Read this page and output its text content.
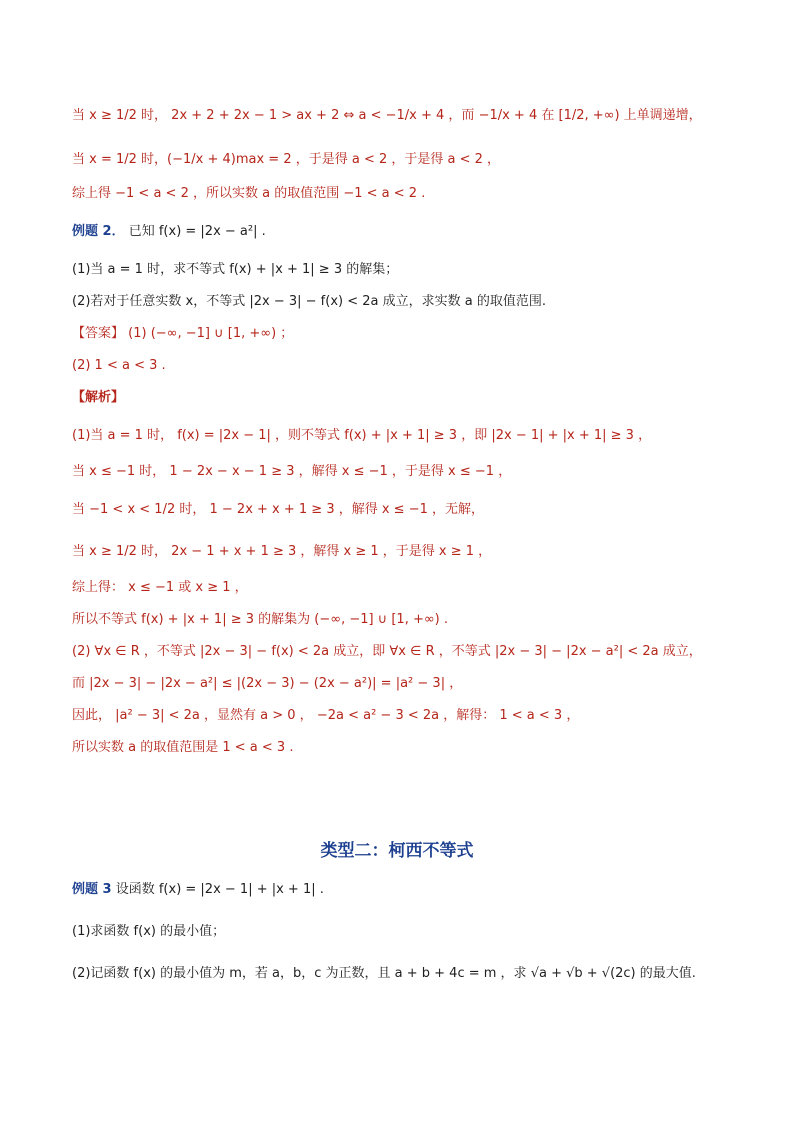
当 x ≥ 1/2 时， 2x + 2 + 2x − 1 > ax + 2 ⇔ a < −1/x + 4 ，而 −1/x + 4 在 [1/2, +∞) 上单调递增，
当 x = 1/2 时，(−1/x + 4)max = 2 ，于是得 a < 2 ，于是得 a < 2 ，
综上得 −1 < a < 2 ，所以实数 a 的取值范围 −1 < a < 2 .
例题 2． 已知 f(x) = |2x − a²| .
(1)当 a = 1 时，求不等式 f(x) + |x + 1| ≥ 3 的解集；
(2)若对于任意实数 x，不等式 |2x − 3| − f(x) < 2a 成立，求实数 a 的取值范围.
【答案】 (1) (−∞, −1] ∪ [1, +∞) ；
(2) 1 < a < 3 .
【解析】
(1)当 a = 1 时， f(x) = |2x − 1| ，则不等式 f(x) + |x + 1| ≥ 3 ，即 |2x − 1| + |x + 1| ≥ 3 ，
当 x ≤ −1 时， 1 − 2x − x − 1 ≥ 3 ，解得 x ≤ −1 ，于是得 x ≤ −1 ，
当 −1 < x < 1/2 时， 1 − 2x + x + 1 ≥ 3 ，解得 x ≤ −1 ，无解，
当 x ≥ 1/2 时， 2x − 1 + x + 1 ≥ 3 ，解得 x ≥ 1 ，于是得 x ≥ 1 ，
综上得： x ≤ −1 或 x ≥ 1 ，
所以不等式 f(x) + |x + 1| ≥ 3 的解集为 (−∞, −1] ∪ [1, +∞) .
(2) ∀x ∈ R ，不等式 |2x − 3| − f(x) < 2a 成立，即 ∀x ∈ R ，不等式 |2x − 3| − |2x − a²| < 2a 成立，
而 |2x − 3| − |2x − a²| ≤ |(2x − 3) − (2x − a²)| = |a² − 3| ，
因此， |a² − 3| < 2a ，显然有 a > 0 ， −2a < a² − 3 < 2a ，解得： 1 < a < 3 ，
所以实数 a 的取值范围是 1 < a < 3 .
类型二：柯西不等式
例题 3 设函数 f(x) = |2x − 1| + |x + 1| .
(1)求函数 f(x) 的最小值；
(2)记函数 f(x) 的最小值为 m，若 a，b，c 为正数，且 a + b + 4c = m ，求 √a + √b + √(2c) 的最大值.
